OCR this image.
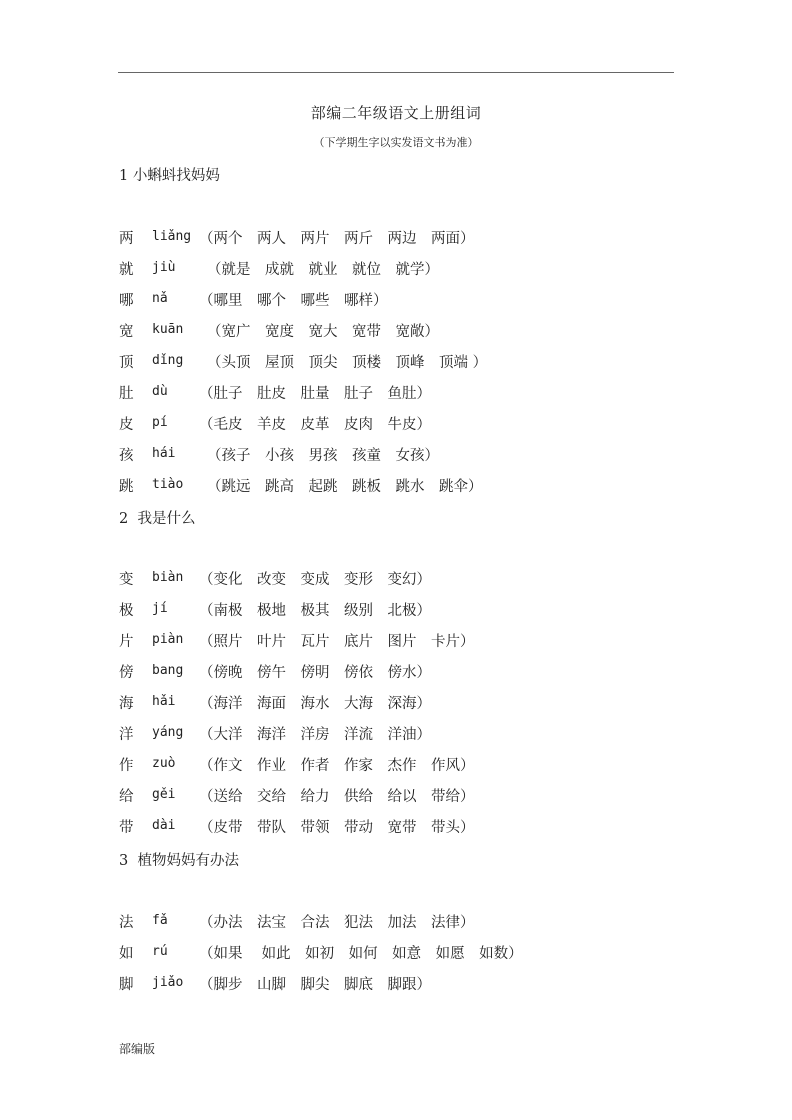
部编二年级语文上册组词
（下学期生字以实发语文书为准）
1 小蝌蚪找妈妈
两 liǎng （两个　两人　两片　两斤　两边　两面）
就 jiù （就是　成就　就业　就位　就学）
哪 nǎ （哪里　哪个　哪些　哪样）
宽 kuān （宽广　宽度　宽大　宽带　宽敞）
顶 dǐng （头顶　屋顶　顶尖　顶楼　顶峰　顶端 ）
肚 dù （肚子　肚皮　肚量　肚子　鱼肚）
皮 pí （毛皮　羊皮　皮革　皮肉　牛皮）
孩 hái （孩子　小孩　男孩　孩童　女孩）
跳 tiào （跳远　跳高　起跳　跳板　跳水　跳伞）
2  我是什么
变 biàn （变化　改变　变成　变形　变幻）
极 jí （南极　极地　极其　级别　北极）
片 piàn （照片　叶片　瓦片　底片　图片　卡片）
傍 bang （傍晚　傍午　傍明　傍依　傍水）
海 hǎi （海洋　海面　海水　大海　深海）
洋 yáng （大洋　海洋　洋房　洋流　洋油）
作 zuò （作文　作业　作者　作家　杰作　作风）
给 gěi （送给　交给　给力　供给　给以　带给）
带 dài （皮带　带队　带领　带动　宽带　带头）
3  植物妈妈有办法
法 fǎ （办法　法宝　合法　犯法　加法　法律）
如 rú （如果 　如此　如初　如何　如意　如愿　如数）
脚 jiǎo （脚步　山脚　脚尖　脚底　脚跟）
部编版
